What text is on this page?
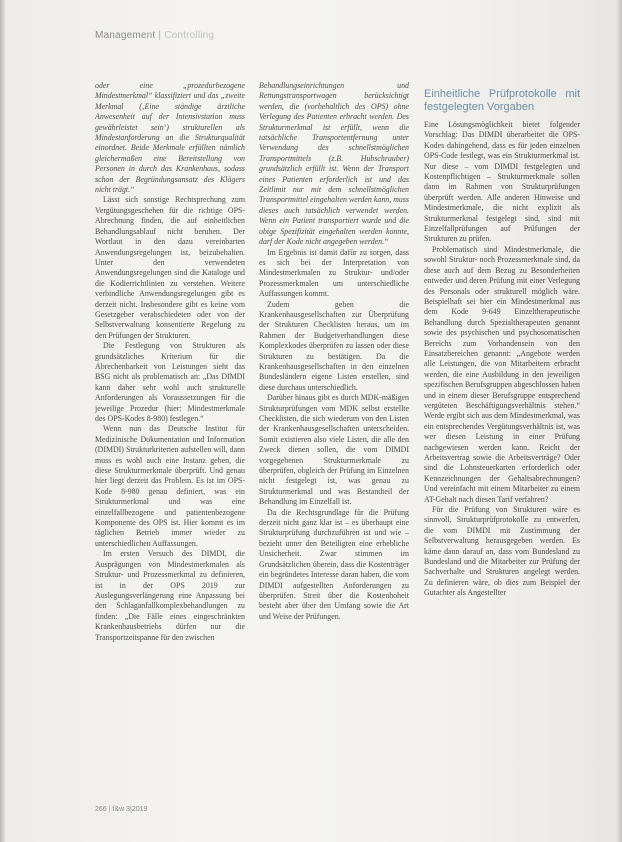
Management | Controlling

oder eine „prozedurbezogene Mindestmerkmal“ klassifiziert und das „zweite Merkmal (‚Eine ständige ärztliche Anwesenheit auf der Intensivstation muss gewährleistet sein‘) strukturellen als Mindestanforderung an die Strukturqualität einordnet. Beide Merkmale erfüllten nämlich gleichermaßen eine Bereitstellung von Personen in durch das Krankenhaus, sodass schon der Begründungsansatz des Klägers nicht trägt.“

Lässt sich sonstige Rechtsprechung zum Vergütungsgeschehen für die richtige OPS-Abrechnung finden, die auf einheitlichen Behandlungsablauf nicht beruhen. Der Wortlaut in den dazu vereinbarten Anwendungsregelungen ist, beizubehalten. Unter den verwendeten Anwendungsregelungen sind die Kataloge und die Kodierrichtlinien zu verstehen. Weitere verbindliche Anwendungsregelungen gibt es derzeit nicht. Insbesondere gibt es keine vom Gesetzgeber verabschiedeten oder von der Selbstverwaltung konsentierte Regelung zu den Prüfungen der Strukturen.

Die Festlegung von Strukturen als grundsätzliches Kriterium für die Abrechenbarkeit von Leistungen sieht das BSG nicht als problematisch an: „Das DIMDI kann daher sehr wohl auch strukturelle Anforderungen als Voraussetzungen für die jeweilige Prozedur (hier: Mindestmerkmale des OPS-Kodes 8-980) festlegen.“

Wenn nun das Deutsche Institut für Medizinische Dokumentation und Information (DIMDI) Strukturkriterien aufstellen will, dann muss es wohl auch eine Instanz geben, die diese Strukturmerkmale überprüft. Und genau hier liegt derzeit das Problem. Es ist im OPS-Kode 8-980 genau definiert, was ein Strukturmerkmal und was eine einzelfallbezogene und patientenbezogene Komponente des OPS ist. Hier kommt es im täglichen Betrieb immer wieder zu unterschiedlichen Auffassungen.

Im ersten Versuch des DIMDI, die Ausprägungen von Mindestmerkmalen als Struktur- und Prozessmerkmal zu definieren, ist in der OPS 2019 zur Auslegungsverlängerung eine Anpassung bei den Schlaganfallkomplexbehandlungen zu finden: „Die Fälle eines eingeschränkten Krankenhausbetriebs dürfen nur die Transportzeitspanne für den zwischen

Behandlungseinrichtungen und Rettungstransportwagen berücksichtigt werden, die (vorbehaltlich des OPS) ohne Verlegung des Patienten erbracht werden. Des Strukturmerkmal ist erfüllt, wenn die tatsächliche Transportentfernung unter Verwendung des schnellstmöglichen Transportmittels (z.B. Hubschrauber) grundsätzlich erfüllt ist. Wenn der Transport eines Patienten erforderlich ist und das Zeitlimit nur mit dem schnellstmöglichen Transportmittel eingehalten werden kann, muss dieses auch tatsächlich verwendet werden. Wenn ein Patient transportiert wurde und die obige Spezifizität eingehalten werden konnte, darf der Kode nicht angegeben werden.“

Im Ergebnis ist damit dafür zu sorgen, dass es sich bei der Interpretation von Mindestmerkmalen zu Struktur- und/oder Prozessmerkmalen um unterschiedliche Auffassungen kommt.

Zudem geben die Krankenhausgesellschaften zur Überprüfung der Strukturen Checklisten heraus, um im Rahmen der Budgetverhandlungen diese Komplexkodes überprüfen zu lassen oder diese Strukturen zu bestätigen. Da die Krankenhausgesellschaften in den einzelnen Bundesländern eigene Listen erstellen, sind diese durchaus unterschiedlich.

Darüber hinaus gibt es durch MDK-mäßigen Strukturprüfungen vom MDK selbst erstellte Checklisten, die sich wiederum von den Listen der Krankenhausgesellschaften unterscheiden. Somit existieren also viele Listen, die alle den Zweck dienen sollen, die vom DIMDI vorgegebenen Strukturmerkmale zu überprüfen, obgleich der Prüfung im Einzelnen nicht festgelegt ist, was genau zu Strukturmerkmal und was Bestandteil der Behandlung im Einzelfall ist.

Da die Rechtsgrundlage für die Prüfung derzeit nicht ganz klar ist – es überhaupt eine Strukturprüfung durchzuführen ist und wie – bezieht unter den Beteiligten eine erhebliche Unsicherheit. Zwar stimmen im Grundsätzlichen überein, dass die Kostenträger ein begründetes Interesse daran haben, die vom DIMDI aufgestellten Anforderungen zu überprüfen. Streit über die Kostenhoheit besteht aber über den Umfang sowie die Art und Weise der Prüfungen.

Einheitliche Prüfprotokolle mit festgelegten Vorgaben

Eine Lösungsmöglichkeit bietet folgender Vorschlag: Das DIMDI überarbeitet die OPS-Kodes dahingehend, dass es für jeden einzelnen OPS-Code festlegt, was ein Strukturmerkmal ist. Nur diese – vom DIMDI festgelegten und Kostenpflichtigen – Strukturmerkmale sollen dann im Rahmen von Strukturprüfungen überprüft werden. Alle anderen Hinweise und Mindestmerkmale, die nicht explizit als Strukturmerkmal festgelegt sind, sind mit Einzelfallprüfungen auf Prüfungen der Strukturen zu prüfen.

Problematisch sind Mindestmerkmale, die sowohl Struktur- noch Prozessmerkmale sind, da diese auch auf dem Bezug zu Besonderheiten entweder und deren Prüfung mit einer Verlegung des Personals oder strukturell möglich wäre. Beispielhaft sei hier ein Mindestmerkmal aus dem Kode 9-649 Einzeltherapeutische Behandlung durch Spezialtherapeuten genannt sowie des psychischen und psychosomatischen Bereichs zum Vorhandensein von den Einsatzbereichen genannt: „Angebote werden alle Leistungen, die von Mitarbeitern erbracht werden, die eine Ausbildung in den jeweiligen spezifischen Berufsgruppen abgeschlossen haben und in einem dieser Berufsgruppe entsprechend vergüteten Beschäftigungsverhältnis stehen.“ Werde ergibt sich aus dem Mindestmerkmal, was ein entsprechendes Vergütungsverhältnis ist, was wer diesen Leistung in einer Prüfung nachgewiesen werden kann. Reicht der Arbeitsvertrag sowie die Arbeitsverträge? Oder sind die Lohnsteuerkarten erforderlich oder Kennzeichnungen der Gehaltsabrechnungen? Und vereinfacht mit einem Mitarbeiter zu einem AT-Gehalt nach diesen Tarif verfahren?

Für die Prüfung von Strukturen wäre es sinnvoll, Strukturprüfprotokolle zu entwerfen, die vom DIMDI mit Zustimmung der Selbstverwaltung herausgegeben werden. Es käme dann darauf an, dass vom Bundesland zu Bundesland und die Mitarbeiter zur Prüfung der Sachverhalte und Strukturen angelegt werden. Zu definieren wäre, ob dies zum Beispiel der Gutachter als Angestellter

266 | f&w 3|2019
